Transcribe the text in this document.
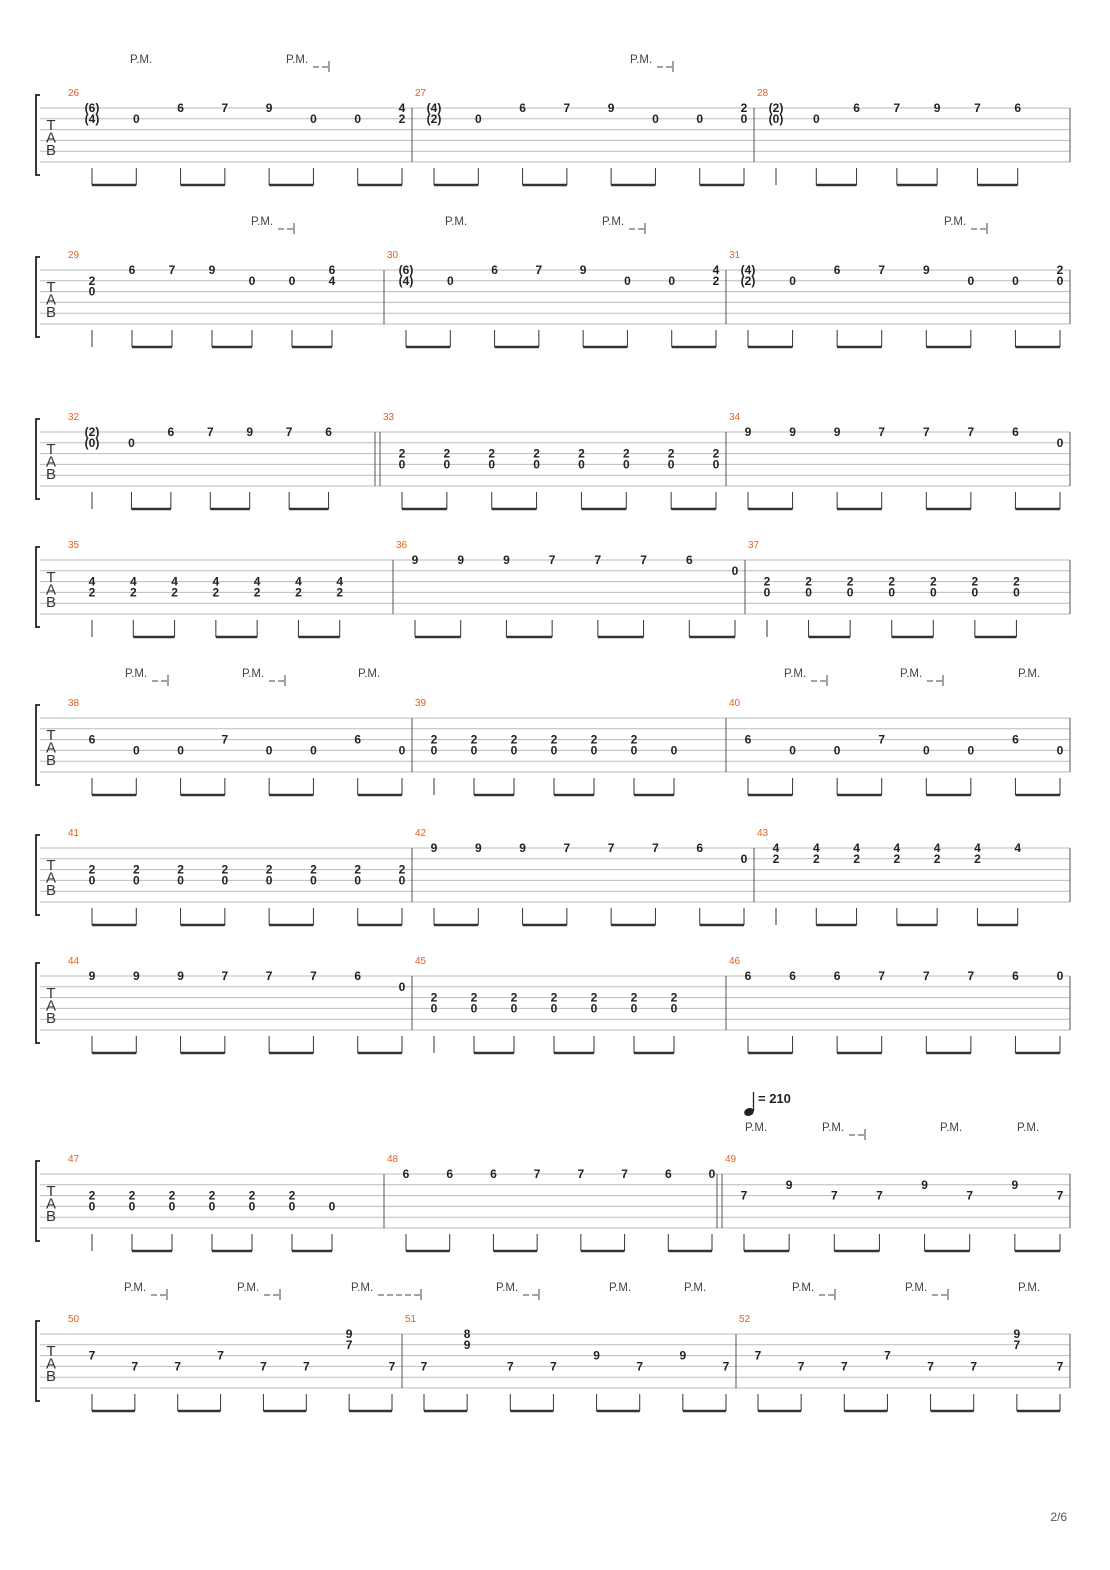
T
A
B
P.M.	P.M.	P.M.
26
(6)
(4)	0
6	7	9
0	0
4
2
27
(4)
(2)	0
6	7	9
0	0
2
0
28
(2)
(0) 0
6	7	9	7	6
T
A
B
P.M.	P.M.	P.M.	P.M.
29
2
0
6	7	9
0	0
6
4
30
(6)
(4)	0
6	7	9
0	0
4
2
31
(4)
(2)	0
6	7	9
0	0
2
0
T
A
B
32
(2)
(0) 0
6	7	9	7	6
33
2
0
2
0
2
0
2
0
2
0
2
0
2
0
2
0
34
9	9	9	7	7	7	6
0
T
A
B
35
4
2
4
2
4
2
4
2
4
2
4
2
4
2
36
9	9	9	7	7	7	6
0
37
2
0
2
0
2
0
2
0
2
0
2
0
2
0
T
A
B
P.M.	P.M.	P.M.	P.M.	P.M.	P.M.
38
6
0	0
7
0	0
6
0
39
2
0
2
0
2
0
2
0
2
0
2
0	0
40
6
0	0
7
0	0
6
0
T
A
B
41
2
0
2
0
2
0
2
0
2
0
2
0
2
0
2
0
42
9	9	9	7	7	7	6
0
43
4
2
4
2
4
2
4
2
4
2
4
2
4
T
A
B
44
9	9	9	7	7	7	6
0
45
2
0
2
0
2
0
2
0
2
0
2
0
2
0
46
6	6	6	7	7	7	6	0
T
A
B
P.M.	P.M.	P.M.	P.M.
47
2
0
2
0
2
0
2
0
2
0
2
0	0
48
6	6	6	7	7	7	6	0
49
7
9
7	7
9
7
9
7
T
A
B
P.M.	P.M.	P.M.	P.M.	P.M.	P.M.	P.M.	P.M.	P.M.
50
7
7	7
7
7	7
9
7
7
51
7
8
9
7	7
9
7
9
7
52
7
7	7
7
7	7
9
7
7
= 210
2/6
